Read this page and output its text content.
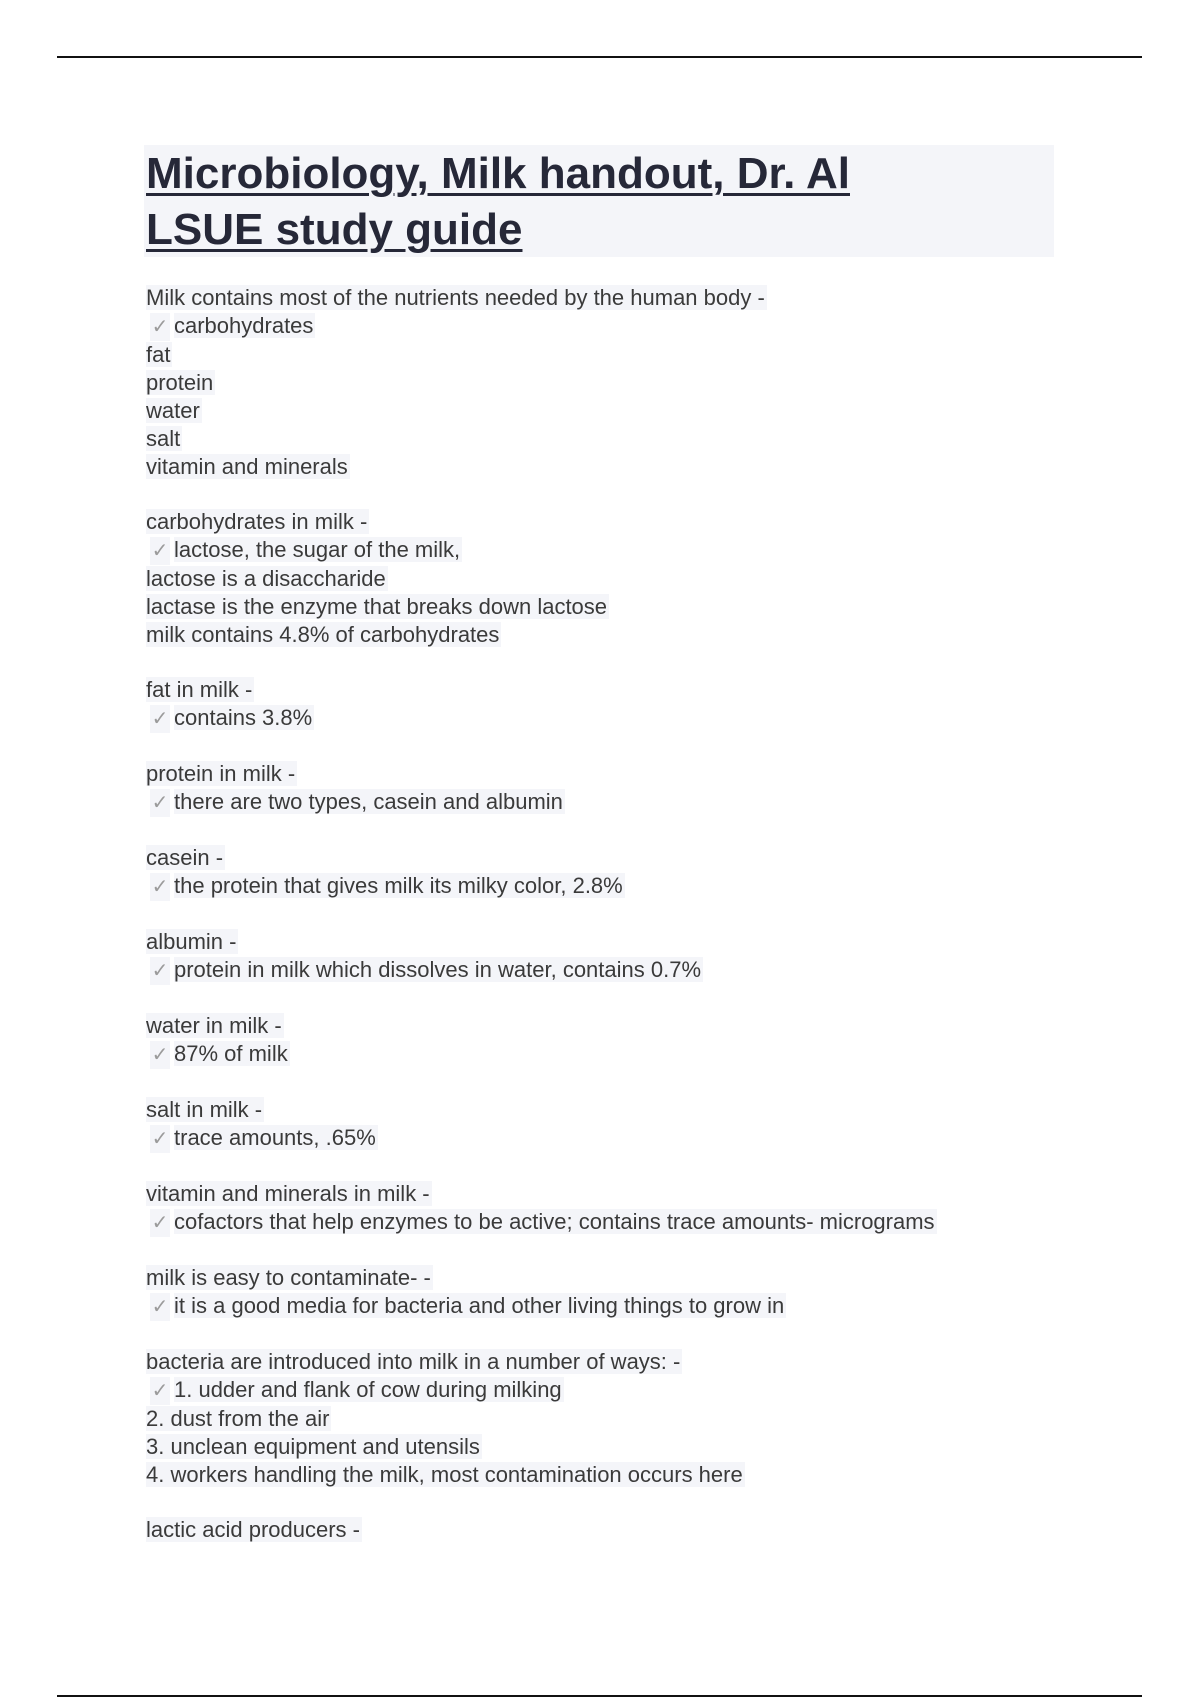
Microbiology, Milk handout, Dr. Al
LSUE study guide
Milk contains most of the nutrients needed by the human body -
✓ carbohydrates
fat
protein
water
salt
vitamin and minerals
carbohydrates in milk -
✓ lactose, the sugar of the milk,
lactose is a disaccharide
lactase is the enzyme that breaks down lactose
milk contains 4.8% of carbohydrates
fat in milk -
✓ contains 3.8%
protein in milk -
✓ there are two types, casein and albumin
casein -
✓ the protein that gives milk its milky color, 2.8%
albumin -
✓ protein in milk which dissolves in water, contains 0.7%
water in milk -
✓ 87% of milk
salt in milk -
✓ trace amounts, .65%
vitamin and minerals in milk -
✓ cofactors that help enzymes to be active; contains trace amounts- micrograms
milk is easy to contaminate- -
✓ it is a good media for bacteria and other living things to grow in
bacteria are introduced into milk in a number of ways: -
✓ 1. udder and flank of cow during milking
2. dust from the air
3. unclean equipment and utensils
4. workers handling the milk, most contamination occurs here
lactic acid producers -
